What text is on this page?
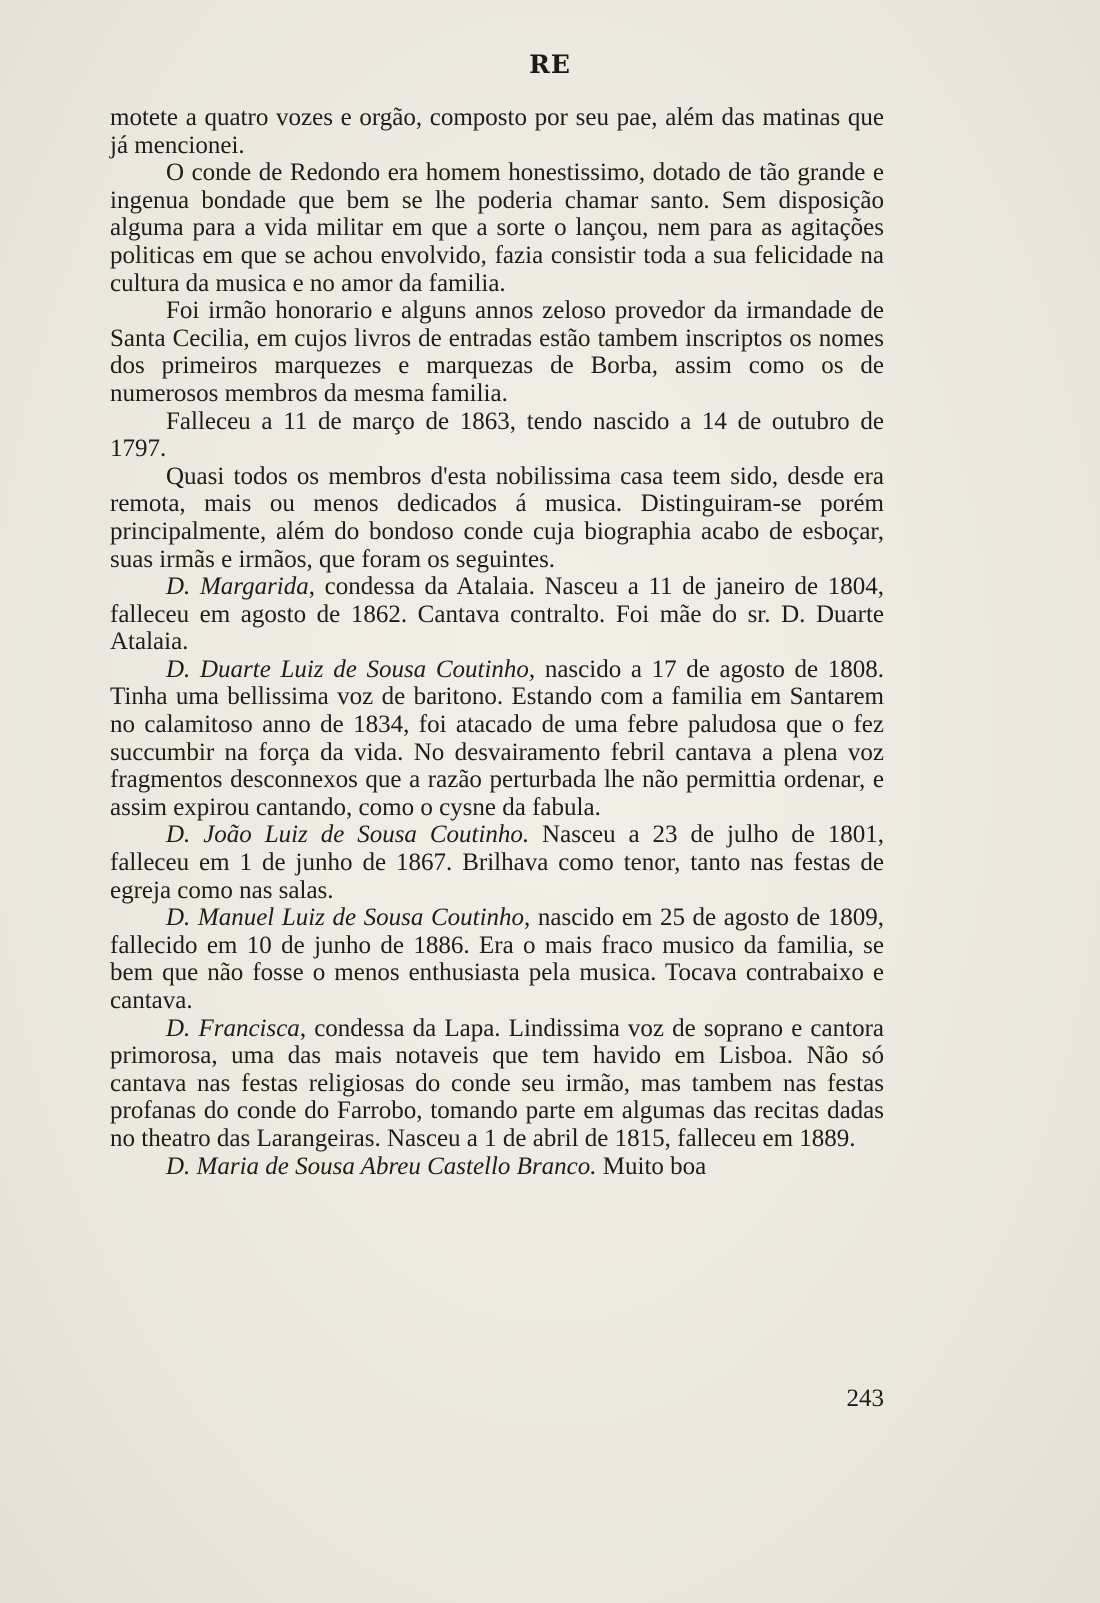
RE

motete a quatro vozes e orgão, composto por seu pae, além das matinas que já mencionei.

O conde de Redondo era homem honestissimo, dotado de tão grande e ingenua bondade que bem se lhe poderia chamar santo. Sem disposição alguma para a vida militar em que a sorte o lançou, nem para as agitações politicas em que se achou envolvido, fazia consistir toda a sua felicidade na cultura da musica e no amor da familia.

Foi irmão honorario e alguns annos zeloso provedor da irmandade de Santa Cecilia, em cujos livros de entradas estão tambem inscriptos os nomes dos primeiros marquezes e marquezas de Borba, assim como os de numerosos membros da mesma familia.

Falleceu a 11 de março de 1863, tendo nascido a 14 de outubro de 1797.

Quasi todos os membros d'esta nobilissima casa teem sido, desde era remota, mais ou menos dedicados á musica. Distinguiram-se porém principalmente, além do bondoso conde cuja biographia acabo de esboçar, suas irmãs e irmãos, que foram os seguintes.

D. Margarida, condessa da Atalaia. Nasceu a 11 de janeiro de 1804, falleceu em agosto de 1862. Cantava contralto. Foi mãe do sr. D. Duarte Atalaia.

D. Duarte Luiz de Sousa Coutinho, nascido a 17 de agosto de 1808. Tinha uma bellissima voz de baritono. Estando com a familia em Santarem no calamitoso anno de 1834, foi atacado de uma febre paludosa que o fez succumbir na força da vida. No desvairamento febril cantava a plena voz fragmentos desconnexos que a razão perturbada lhe não permittia ordenar, e assim expirou cantando, como o cysne da fabula.

D. João Luiz de Sousa Coutinho. Nasceu a 23 de julho de 1801, falleceu em 1 de junho de 1867. Brilhava como tenor, tanto nas festas de egreja como nas salas.

D. Manuel Luiz de Sousa Coutinho, nascido em 25 de agosto de 1809, fallecido em 10 de junho de 1886. Era o mais fraco musico da familia, se bem que não fosse o menos enthusiasta pela musica. Tocava contrabaixo e cantava.

D. Francisca, condessa da Lapa. Lindissima voz de soprano e cantora primorosa, uma das mais notaveis que tem havido em Lisboa. Não só cantava nas festas religiosas do conde seu irmão, mas tambem nas festas profanas do conde do Farrobo, tomando parte em algumas das recitas dadas no theatro das Larangeiras. Nasceu a 1 de abril de 1815, falleceu em 1889.

D. Maria de Sousa Abreu Castello Branco. Muito boa

243
